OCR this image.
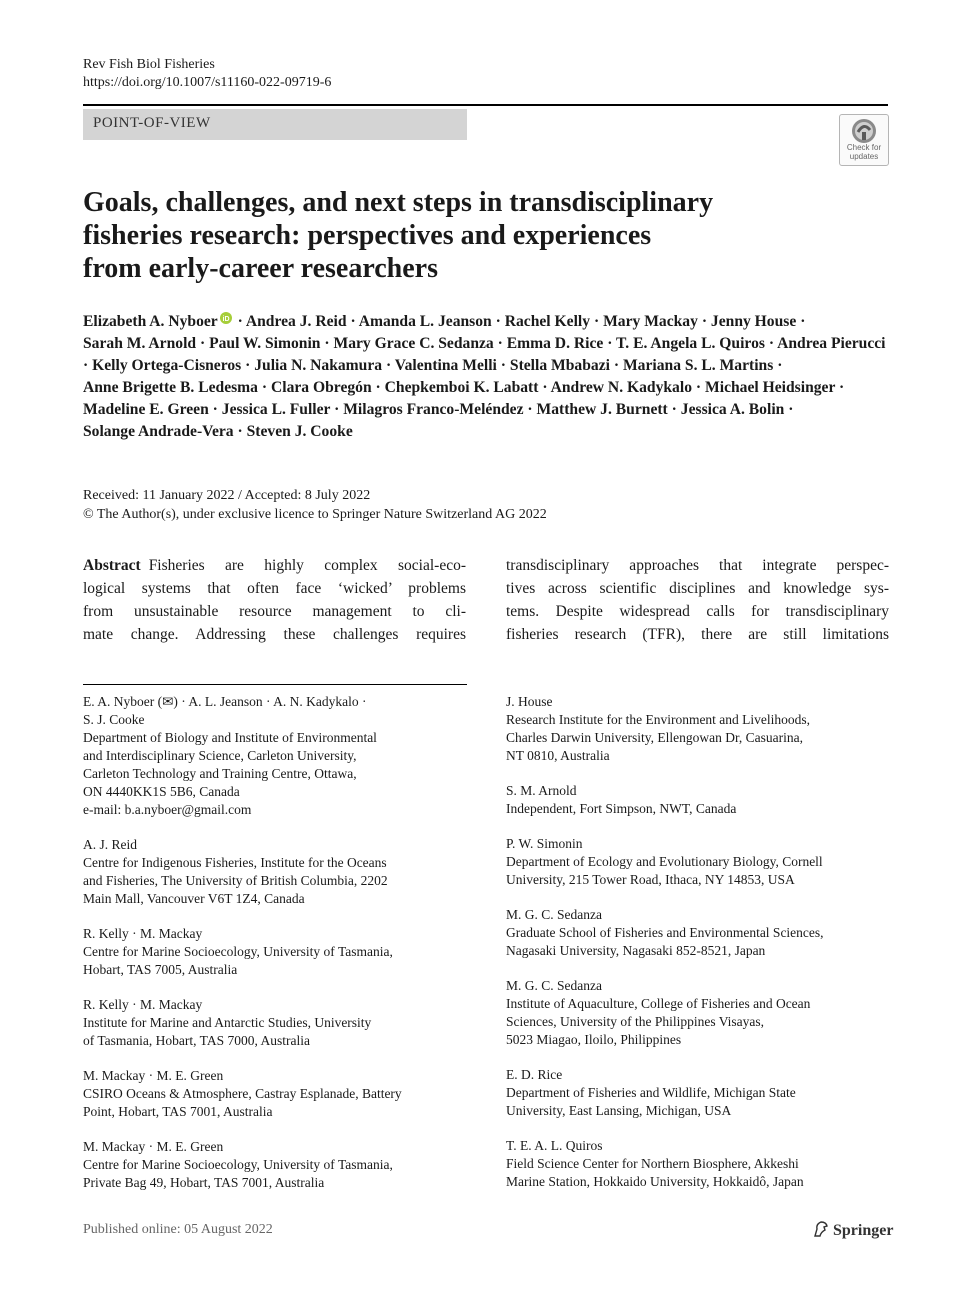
Rev Fish Biol Fisheries
https://doi.org/10.1007/s11160-022-09719-6
POINT-OF-VIEW
Check for
updates
Goals, challenges, and next steps in transdisciplinary
fisheries research: perspectives and experiences
from early-career researchers

Elizabeth A. Nyboer iD · Andrea J. Reid · Amanda L. Jeanson · Rachel Kelly · Mary Mackay · Jenny House · Sarah M. Arnold · Paul W. Simonin · Mary Grace C. Sedanza · Emma D. Rice · T. E. Angela L. Quiros · Andrea Pierucci · Kelly Ortega-Cisneros · Julia N. Nakamura · Valentina Melli · Stella Mbabazi · Mariana S. L. Martins · Anne Brigette B. Ledesma · Clara Obregón · Chepkemboi K. Labatt · Andrew N. Kadykalo · Michael Heidsinger · Madeline E. Green · Jessica L. Fuller · Milagros Franco-Meléndez · Matthew J. Burnett · Jessica A. Bolin · Solange Andrade-Vera · Steven J. Cooke

Received: 11 January 2022 / Accepted: 8 July 2022
© The Author(s), under exclusive licence to Springer Nature Switzerland AG 2022
Abstract Fisheries are highly complex social-eco-
logical systems that often face ‘wicked’ problems
from unsustainable resource management to cli-
mate change. Addressing these challenges requires
transdisciplinary approaches that integrate perspec-
tives across scientific disciplines and knowledge sys-
tems. Despite widespread calls for transdisciplinary
fisheries research (TFR), there are still limitations
E. A. Nyboer (✉) · A. L. Jeanson · A. N. Kadykalo ·
S. J. Cooke
Department of Biology and Institute of Environmental
and Interdisciplinary Science, Carleton University,
Carleton Technology and Training Centre, Ottawa,
ON 4440KK1S 5B6, Canada
e-mail: b.a.nyboer@gmail.com
A. J. Reid
Centre for Indigenous Fisheries, Institute for the Oceans
and Fisheries, The University of British Columbia, 2202
Main Mall, Vancouver V6T 1Z4, Canada
R. Kelly · M. Mackay
Centre for Marine Socioecology, University of Tasmania,
Hobart, TAS 7005, Australia
R. Kelly · M. Mackay
Institute for Marine and Antarctic Studies, University
of Tasmania, Hobart, TAS 7000, Australia
M. Mackay · M. E. Green
CSIRO Oceans & Atmosphere, Castray Esplanade, Battery
Point, Hobart, TAS 7001, Australia
M. Mackay · M. E. Green
Centre for Marine Socioecology, University of Tasmania,
Private Bag 49, Hobart, TAS 7001, Australia
J. House
Research Institute for the Environment and Livelihoods,
Charles Darwin University, Ellengowan Dr, Casuarina,
NT 0810, Australia
S. M. Arnold
Independent, Fort Simpson, NWT, Canada
P. W. Simonin
Department of Ecology and Evolutionary Biology, Cornell
University, 215 Tower Road, Ithaca, NY 14853, USA
M. G. C. Sedanza
Graduate School of Fisheries and Environmental Sciences,
Nagasaki University, Nagasaki 852-8521, Japan
M. G. C. Sedanza
Institute of Aquaculture, College of Fisheries and Ocean
Sciences, University of the Philippines Visayas,
5023 Miagao, Iloilo, Philippines
E. D. Rice
Department of Fisheries and Wildlife, Michigan State
University, East Lansing, Michigan, USA
T. E. A. L. Quiros
Field Science Center for Northern Biosphere, Akkeshi
Marine Station, Hokkaido University, Hokkaidô, Japan
Published online: 05 August 2022	Springer
